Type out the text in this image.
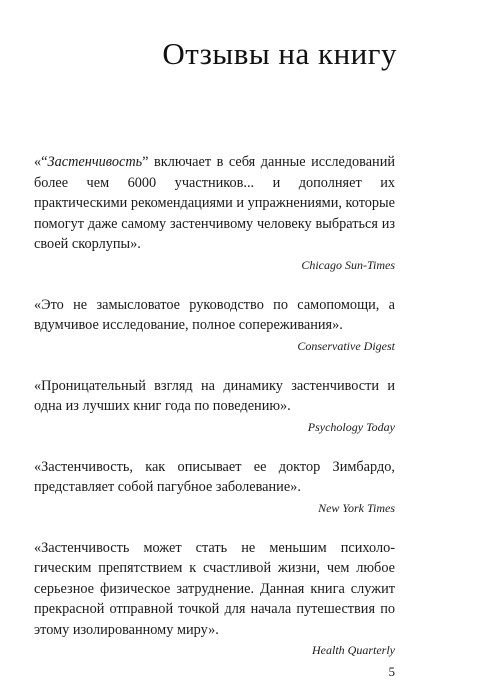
Отзывы на книгу

«“Застенчивость” включает в себя данные исследований более чем 6000 участников... и дополняет их практическими рекомендациями и упражнениями, которые помогут даже самому застенчивому человеку выбраться из своей скорлупы».

Chicago Sun-Times

«Это не замысловатое руководство по самопомощи, а вдумчивое исследование, полное сопереживания».

Conservative Digest

«Проницательный взгляд на динамику застенчивости и одна из лучших книг года по поведению».

Psychology Today

«Застенчивость, как описывает ее доктор Зимбардо, представляет собой пагубное заболевание».

New York Times

«Застенчивость может стать не меньшим психологическим препятствием к счастливой жизни, чем любое серьезное физическое затруднение. Данная книга служит прекрасной отправной точкой для начала путешествия по этому изолированному миру».

Health Quarterly

5
